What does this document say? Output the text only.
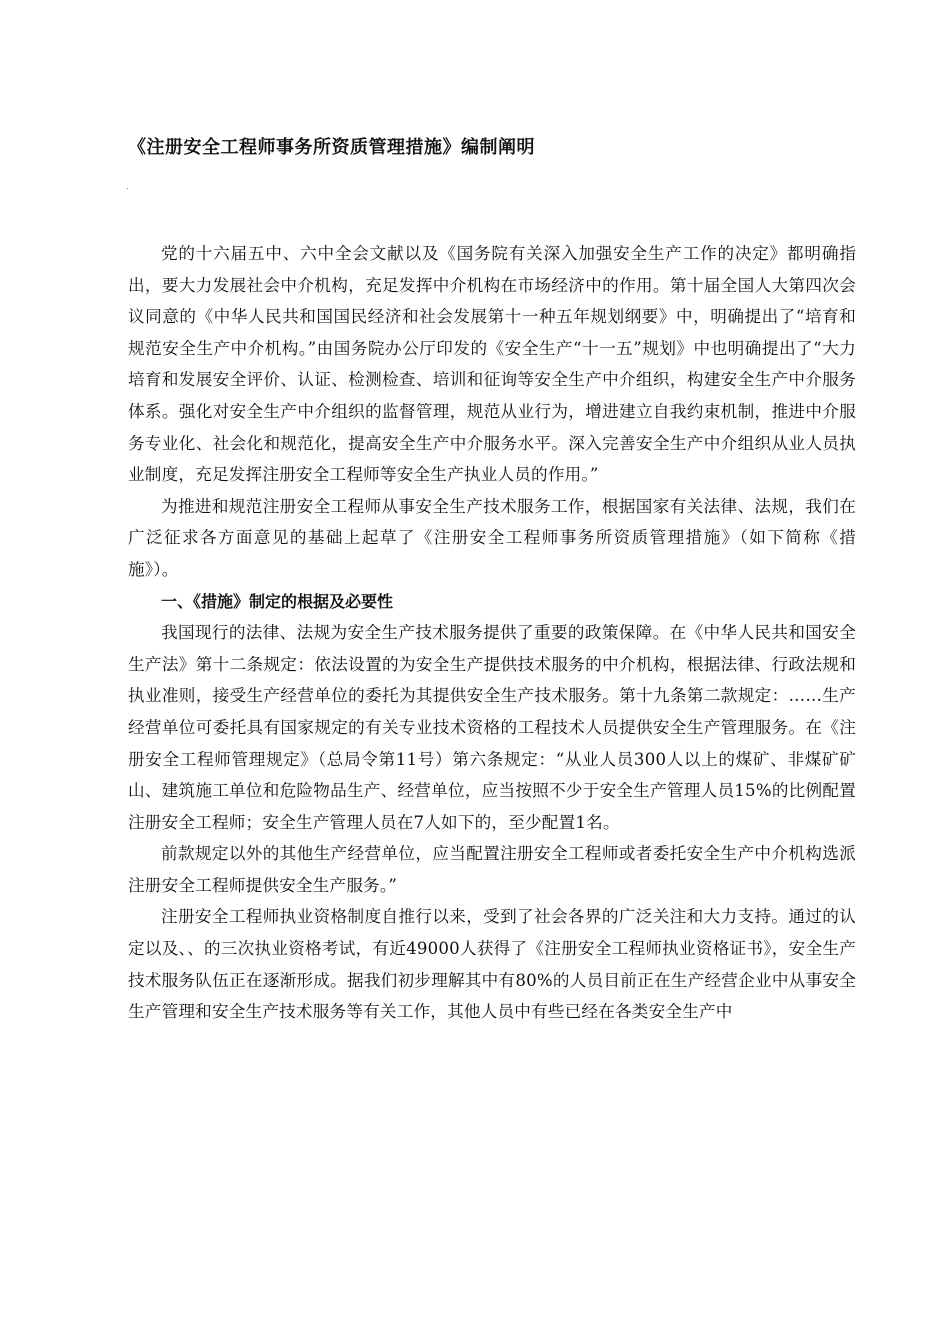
《注册安全工程师事务所资质管理措施》编制阐明

党的十六届五中、六中全会文献以及《国务院有关深入加强安全生产工作的决定》都明确指出，要大力发展社会中介机构，充足发挥中介机构在市场经济中的作用。第十届全国人大第四次会议同意的《中华人民共和国国民经济和社会发展第十一种五年规划纲要》中，明确提出了“培育和规范安全生产中介机构。”由国务院办公厅印发的《安全生产“十一五”规划》中也明确提出了“大力培育和发展安全评价、认证、检测检查、培训和征询等安全生产中介组织，构建安全生产中介服务体系。强化对安全生产中介组织的监督管理，规范从业行为，增进建立自我约束机制，推进中介服务专业化、社会化和规范化，提高安全生产中介服务水平。深入完善安全生产中介组织从业人员执业制度，充足发挥注册安全工程师等安全生产执业人员的作用。”

为推进和规范注册安全工程师从事安全生产技术服务工作，根据国家有关法律、法规，我们在广泛征求各方面意见的基础上起草了《注册安全工程师事务所资质管理措施》（如下简称《措施》）。

一、《措施》制定的根据及必要性

我国现行的法律、法规为安全生产技术服务提供了重要的政策保障。在《中华人民共和国安全生产法》第十二条规定：依法设置的为安全生产提供技术服务的中介机构，根据法律、行政法规和执业准则，接受生产经营单位的委托为其提供安全生产技术服务。第十九条第二款规定：……生产经营单位可委托具有国家规定的有关专业技术资格的工程技术人员提供安全生产管理服务。在《注册安全工程师管理规定》（总局令第11号）第六条规定：“从业人员300人以上的煤矿、非煤矿矿山、建筑施工单位和危险物品生产、经营单位，应当按照不少于安全生产管理人员15%的比例配置注册安全工程师；安全生产管理人员在7人如下的，至少配置1名。

前款规定以外的其他生产经营单位，应当配置注册安全工程师或者委托安全生产中介机构选派注册安全工程师提供安全生产服务。”

注册安全工程师执业资格制度自推行以来，受到了社会各界的广泛关注和大力支持。通过的认定以及、、的三次执业资格考试，有近49000人获得了《注册安全工程师执业资格证书》，安全生产技术服务队伍正在逐渐形成。据我们初步理解其中有80%的人员目前正在生产经营企业中从事安全生产管理和安全生产技术服务等有关工作，其他人员中有些已经在各类安全生产中
